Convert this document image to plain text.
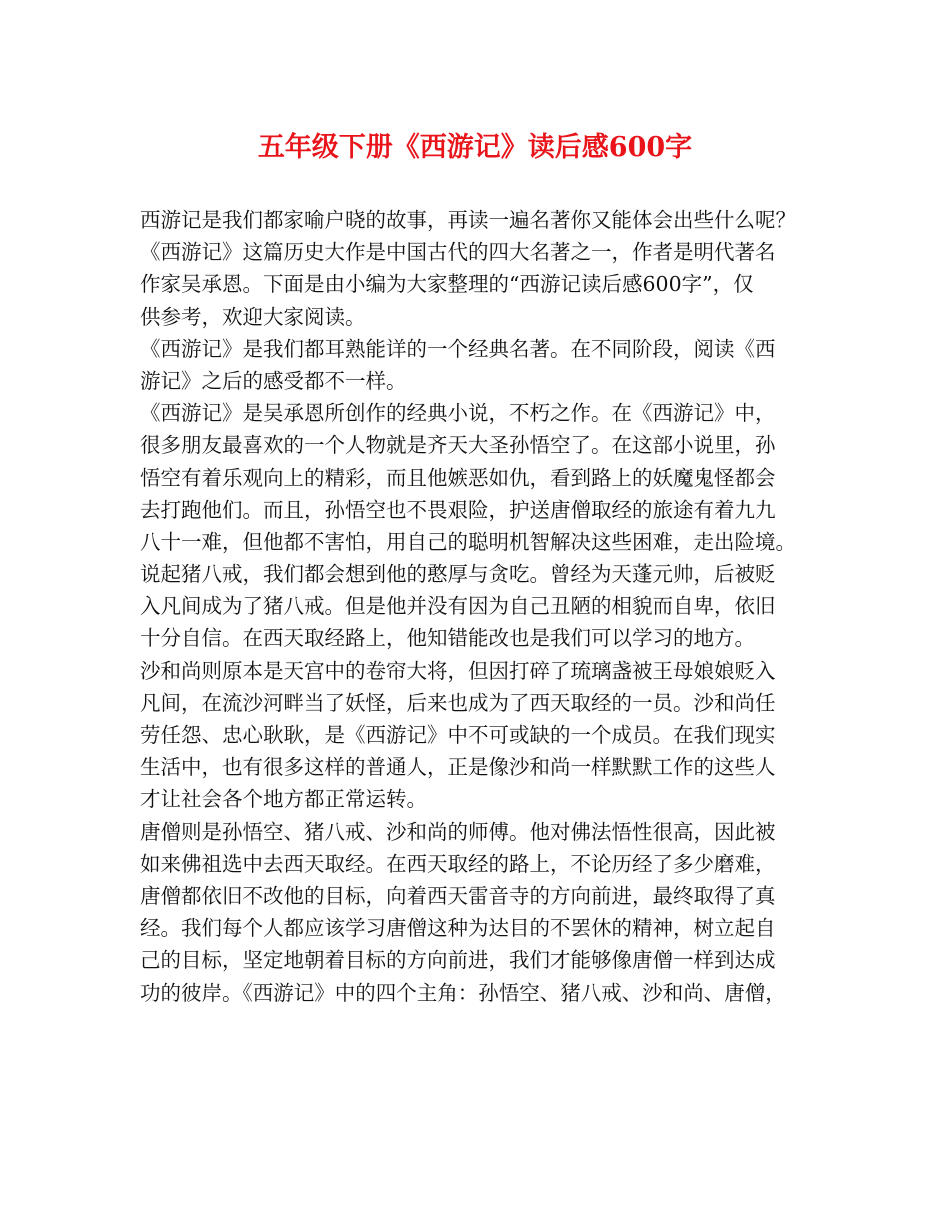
五年级下册《西游记》读后感600字
西游记是我们都家喻户晓的故事，再读一遍名著你又能体会出些什么呢？
《西游记》这篇历史大作是中国古代的四大名著之一，作者是明代著名
作家吴承恩。下面是由小编为大家整理的“西游记读后感600字”，仅
供参考，欢迎大家阅读。
《西游记》是我们都耳熟能详的一个经典名著。在不同阶段，阅读《西
游记》之后的感受都不一样。
《西游记》是吴承恩所创作的经典小说，不朽之作。在《西游记》中，
很多朋友最喜欢的一个人物就是齐天大圣孙悟空了。在这部小说里，孙
悟空有着乐观向上的精彩，而且他嫉恶如仇，看到路上的妖魔鬼怪都会
去打跑他们。而且，孙悟空也不畏艰险，护送唐僧取经的旅途有着九九
八十一难，但他都不害怕，用自己的聪明机智解决这些困难，走出险境。
说起猪八戒，我们都会想到他的憨厚与贪吃。曾经为天蓬元帅，后被贬
入凡间成为了猪八戒。但是他并没有因为自己丑陋的相貌而自卑，依旧
十分自信。在西天取经路上，他知错能改也是我们可以学习的地方。
沙和尚则原本是天宫中的卷帘大将，但因打碎了琉璃盏被王母娘娘贬入
凡间，在流沙河畔当了妖怪，后来也成为了西天取经的一员。沙和尚任
劳任怨、忠心耿耿，是《西游记》中不可或缺的一个成员。在我们现实
生活中，也有很多这样的普通人，正是像沙和尚一样默默工作的这些人
才让社会各个地方都正常运转。
唐僧则是孙悟空、猪八戒、沙和尚的师傅。他对佛法悟性很高，因此被
如来佛祖选中去西天取经。在西天取经的路上，不论历经了多少磨难，
唐僧都依旧不改他的目标，向着西天雷音寺的方向前进，最终取得了真
经。我们每个人都应该学习唐僧这种为达目的不罢休的精神，树立起自
己的目标，坚定地朝着目标的方向前进，我们才能够像唐僧一样到达成
功的彼岸。《西游记》中的四个主角：孙悟空、猪八戒、沙和尚、唐僧，
